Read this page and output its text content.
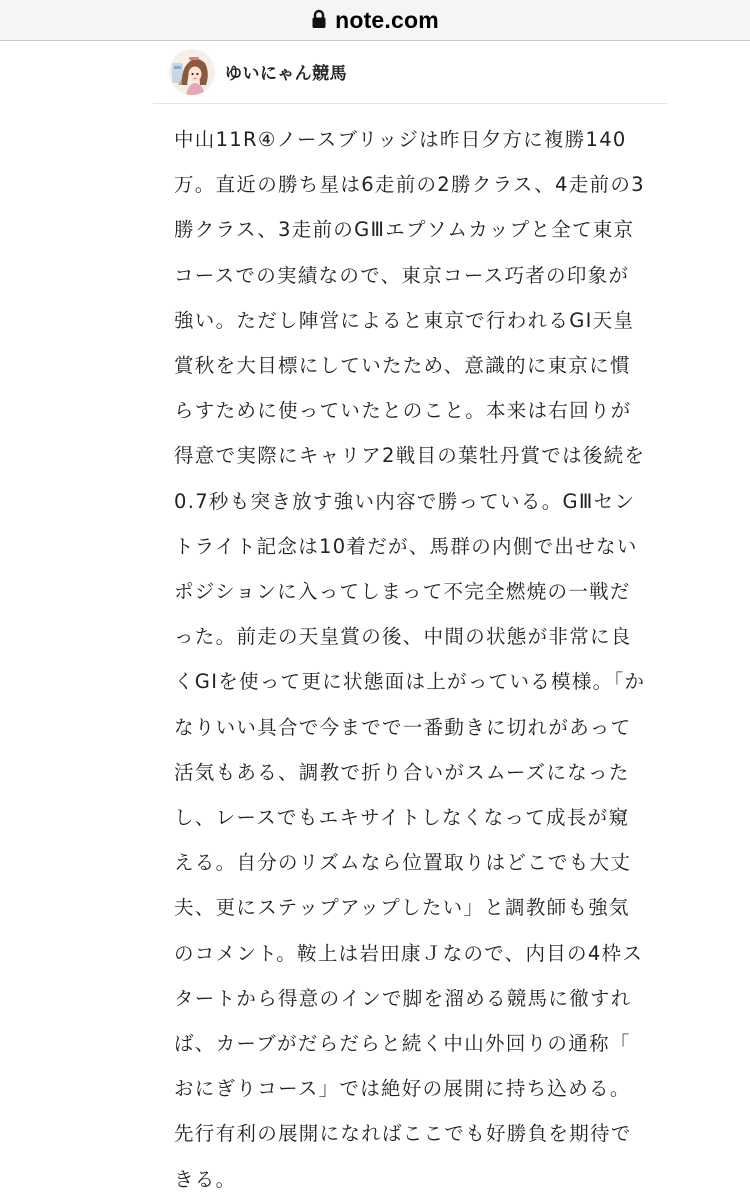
note.com
ゆいにゃん競馬

中山11R④ノースブリッジは昨日夕方に複勝140万。直近の勝ち星は6走前の2勝クラス、4走前の3勝クラス、3走前のGⅢエプソムカップと全て東京コースでの実績なので、東京コース巧者の印象が強い。ただし陣営によると東京で行われるGI天皇賞秋を大目標にしていたため、意識的に東京に慣らすために使っていたとのこと。本来は右回りが得意で実際にキャリア2戦目の葉牡丹賞では後続を0.7秒も突き放す強い内容で勝っている。GⅢセントライト記念は10着だが、馬群の内側で出せないポジションに入ってしまって不完全燃焼の一戦だった。前走の天皇賞の後、中間の状態が非常に良くGIを使って更に状態面は上がっている模様。「かなりいい具合で今までで一番動きに切れがあって活気もある、調教で折り合いがスムーズになったし、レースでもエキサイトしなくなって成長が窺える。自分のリズムなら位置取りはどこでも大丈夫、更にステップアップしたい」と調教師も強気のコメント。鞍上は岩田康Ｊなので、内目の4枠スタートから得意のインで脚を溜める競馬に徹すれば、カーブがだらだらと続く中山外回りの通称「おにぎりコース」では絶好の展開に持ち込める。先行有利の展開になればここでも好勝負を期待できる。
